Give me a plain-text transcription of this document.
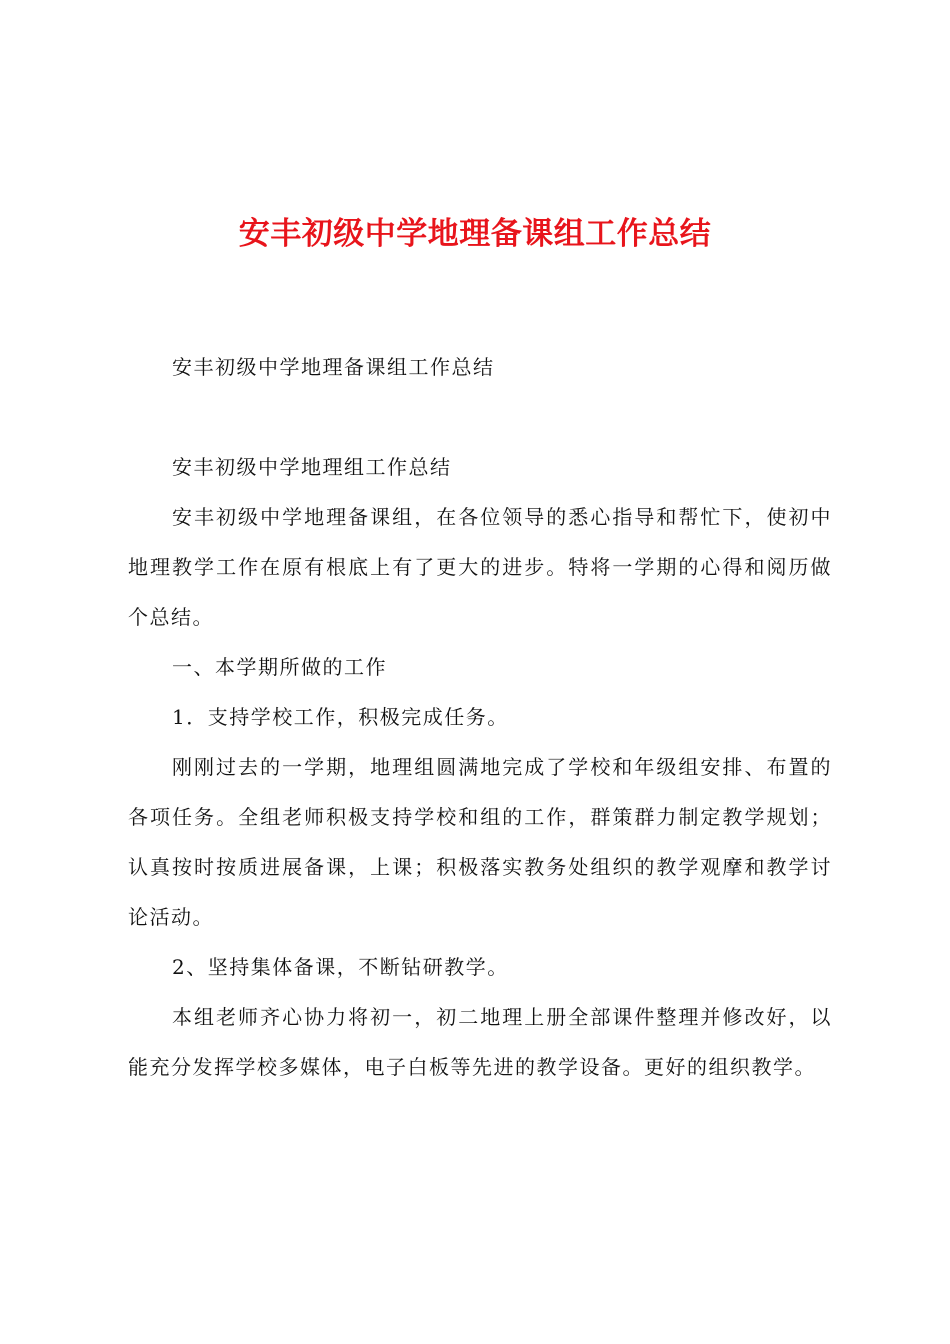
安丰初级中学地理备课组工作总结

安丰初级中学地理备课组工作总结

安丰初级中学地理组工作总结

安丰初级中学地理备课组，在各位领导的悉心指导和帮忙下，使初中地理教学工作在原有根底上有了更大的进步。特将一学期的心得和阅历做个总结。

一、本学期所做的工作

1．支持学校工作，积极完成任务。

刚刚过去的一学期，地理组圆满地完成了学校和年级组安排、布置的各项任务。全组老师积极支持学校和组的工作，群策群力制定教学规划；认真按时按质进展备课，上课；积极落实教务处组织的教学观摩和教学讨论活动。

2、坚持集体备课，不断钻研教学。

本组老师齐心协力将初一，初二地理上册全部课件整理并修改好，以能充分发挥学校多媒体，电子白板等先进的教学设备。更好的组织教学。
